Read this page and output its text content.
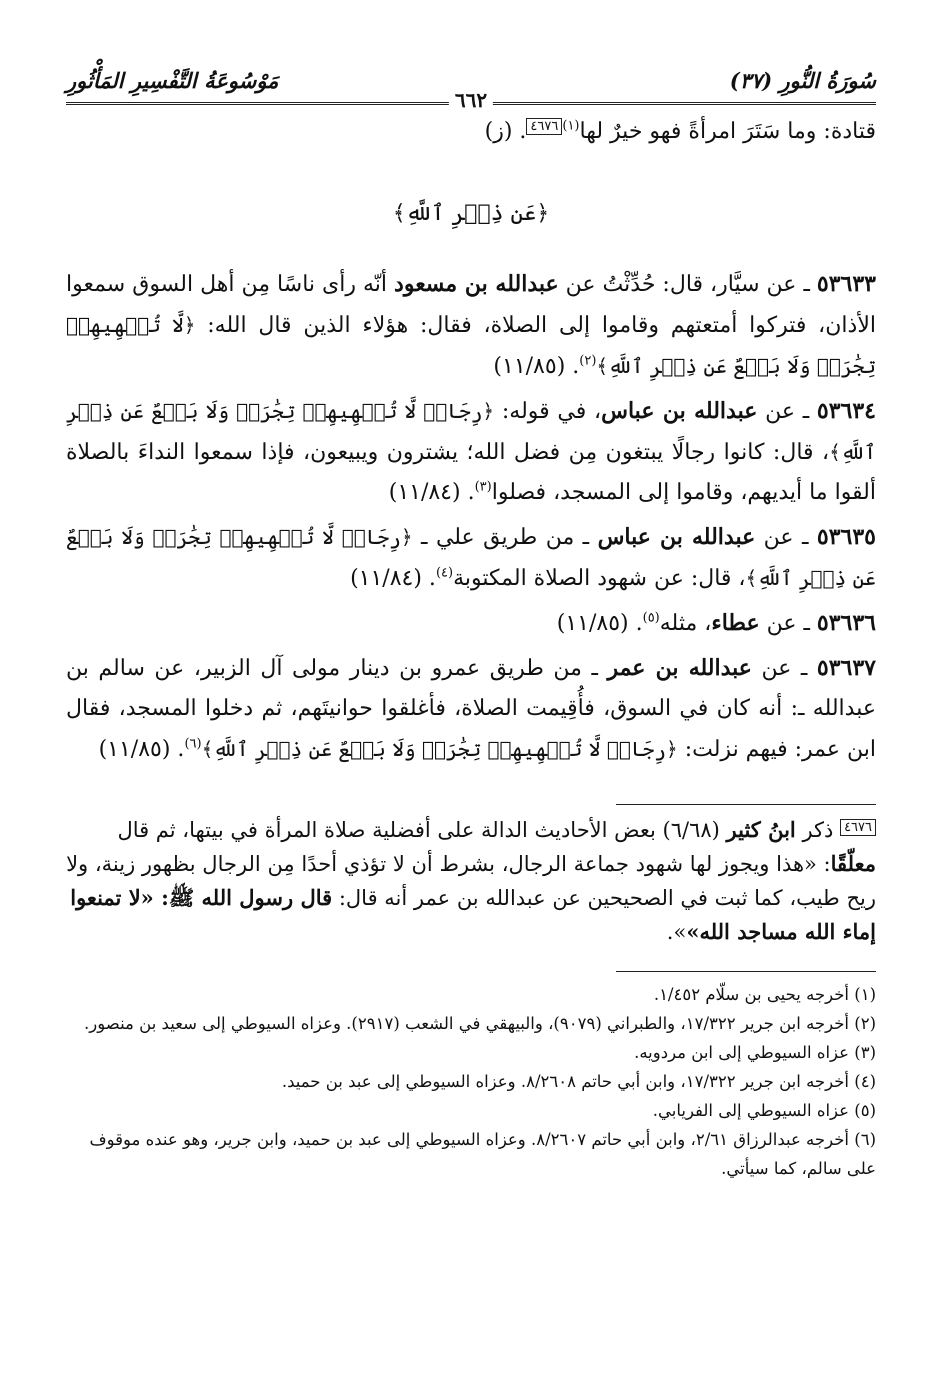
سُورَةُ النُّورِ (٣٧)
مَوْسُوعَةُ التَّفْسِيرِ المَأْثُورِ
٦٦٢

قتادة: وما سَتَرَ امرأةً فهو خيرٌ لها$^{(١)}$٤٦٧٦. (ز)

﴿عَن ذِكۡرِ ٱللَّهِ﴾

٥٣٦٣٣ ـ عن سيَّار، قال: حُدِّثْتُ عن عبدالله بن مسعود أنّه رأى ناسًا مِن أهل السوق سمعوا الأذان، فتركوا أمتعتهم وقاموا إلى الصلاة، فقال: هؤلاء الذين قال الله: ﴿لَّا تُلۡهِيهِمۡ تِجَٰرَةٞ وَلَا بَيۡعٌ عَن ذِكۡرِ ٱللَّهِ﴾$^{(٢)}$. (١١/٨٥)

٥٣٦٣٤ ـ عن عبدالله بن عباس، في قوله: ﴿رِجَالٞ لَّا تُلۡهِيهِمۡ تِجَٰرَةٞ وَلَا بَيۡعٌ عَن ذِكۡرِ ٱللَّهِ﴾، قال: كانوا رجالًا يبتغون مِن فضل الله؛ يشترون ويبيعون، فإذا سمعوا النداءَ بالصلاة ألقوا ما أيديهم، وقاموا إلى المسجد، فصلوا$^{(٣)}$. (١١/٨٤)

٥٣٦٣٥ ـ عن عبدالله بن عباس ـ من طريق علي ـ ﴿رِجَالٞ لَّا تُلۡهِيهِمۡ تِجَٰرَةٞ وَلَا بَيۡعٌ عَن ذِكۡرِ ٱللَّهِ﴾، قال: عن شهود الصلاة المكتوبة$^{(٤)}$. (١١/٨٤)

٥٣٦٣٦ ـ عن عطاء، مثله$^{(٥)}$. (١١/٨٥)

٥٣٦٣٧ ـ عن عبدالله بن عمر ـ من طريق عمرو بن دينار مولى آل الزبير، عن سالم بن عبدالله ـ: أنه كان في السوق، فأُقِيمت الصلاة، فأغلقوا حوانيتَهم، ثم دخلوا المسجد، فقال ابن عمر: فيهم نزلت: ﴿رِجَالٞ لَّا تُلۡهِيهِمۡ تِجَٰرَةٞ وَلَا بَيۡعٌ عَن ذِكۡرِ ٱللَّهِ﴾$^{(٦)}$. (١١/٨٥)

٤٦٧٦ ذكر ابنُ كثير (٦/٦٨) بعض الأحاديث الدالة على أفضلية صلاة المرأة في بيتها، ثم قال معلّقًا: «هذا ويجوز لها شهود جماعة الرجال، بشرط أن لا تؤذي أحدًا مِن الرجال بظهور زينة، ولا ريح طيب، كما ثبت في الصحيحين عن عبدالله بن عمر أنه قال: قال رسول الله ﷺ: «لا تمنعوا إماء الله مساجد الله»».

(١) أخرجه يحيى بن سلّام ١/٤٥٢.

(٢) أخرجه ابن جرير ١٧/٣٢٢، والطبراني (٩٠٧٩)، والبيهقي في الشعب (٢٩١٧). وعزاه السيوطي إلى سعيد بن منصور.

(٣) عزاه السيوطي إلى ابن مردويه.

(٤) أخرجه ابن جرير ١٧/٣٢٢، وابن أبي حاتم ٨/٢٦٠٨. وعزاه السيوطي إلى عبد بن حميد.

(٥) عزاه السيوطي إلى الفريابي.

(٦) أخرجه عبدالرزاق ٢/٦١، وابن أبي حاتم ٨/٢٦٠٧. وعزاه السيوطي إلى عبد بن حميد، وابن جرير، وهو عنده موقوف على سالم، كما سيأتي.
